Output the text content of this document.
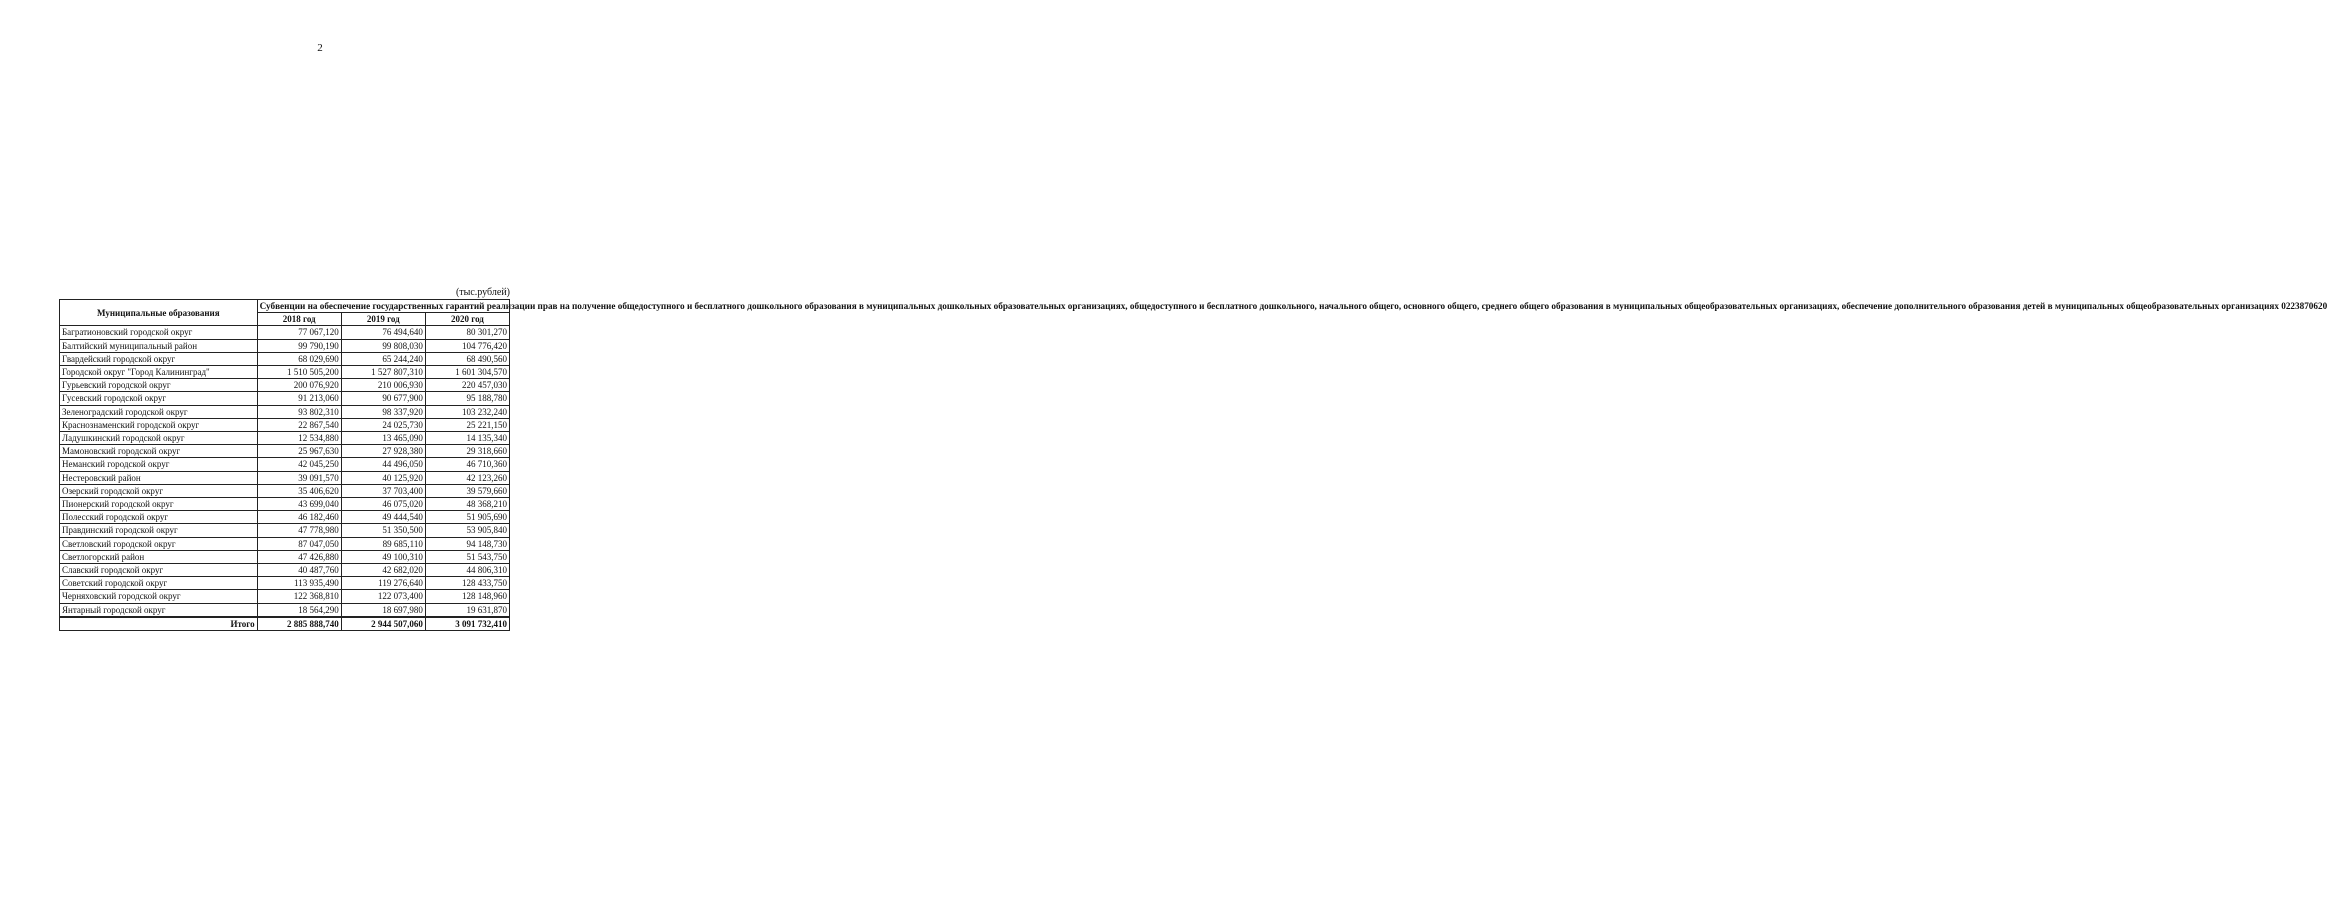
2
(тыс.рублей)
Муниципальные образования	Субвенции на обеспечение государственных гарантий реализации прав на получение общедоступного и бесплатного дошкольного образования в муниципальных дошкольных образовательных организациях, общедоступного и бесплатного дошкольного, начального общего, основного общего, среднего общего образования в муниципальных общеобразовательных организациях, обеспечение дополнительного образования детей в муниципальных общеобразовательных организациях 0223870620		
	2018 год	2019 год	2020 год
Багратионовский городской округ	77 067,120	76 494,640	80 301,270
Балтийский муниципальный район	99 790,190	99 808,030	104 776,420
Гвардейский городской округ	68 029,690	65 244,240	68 490,560
Городской округ "Город Калининград"	1 510 505,200	1 527 807,310	1 601 304,570
Гурьевский городской округ	200 076,920	210 006,930	220 457,030
Гусевский городской округ	91 213,060	90 677,900	95 188,780
Зеленоградский городской округ	93 802,310	98 337,920	103 232,240
Краснознаменский городской округ	22 867,540	24 025,730	25 221,150
Ладушкинский городской округ	12 534,880	13 465,090	14 135,340
Мамоновский городской округ	25 967,630	27 928,380	29 318,660
Неманский городской округ	42 045,250	44 496,050	46 710,360
Нестеровский район	39 091,570	40 125,920	42 123,260
Озерский городской округ	35 406,620	37 703,400	39 579,660
Пионерский городской округ	43 699,040	46 075,020	48 368,210
Полесский городской округ	46 182,460	49 444,540	51 905,690
Правдинский городской округ	47 778,980	51 350,500	53 905,840
Светловский городской округ	87 047,050	89 685,110	94 148,730
Светлогорский район	47 426,880	49 100,310	51 543,750
Славский городской округ	40 487,760	42 682,020	44 806,310
Советский городской округ	113 935,490	119 276,640	128 433,750
Черняховский городской округ	122 368,810	122 073,400	128 148,960
Янтарный городской округ	18 564,290	18 697,980	19 631,870
Итого	2 885 888,740	2 944 507,060	3 091 732,410
